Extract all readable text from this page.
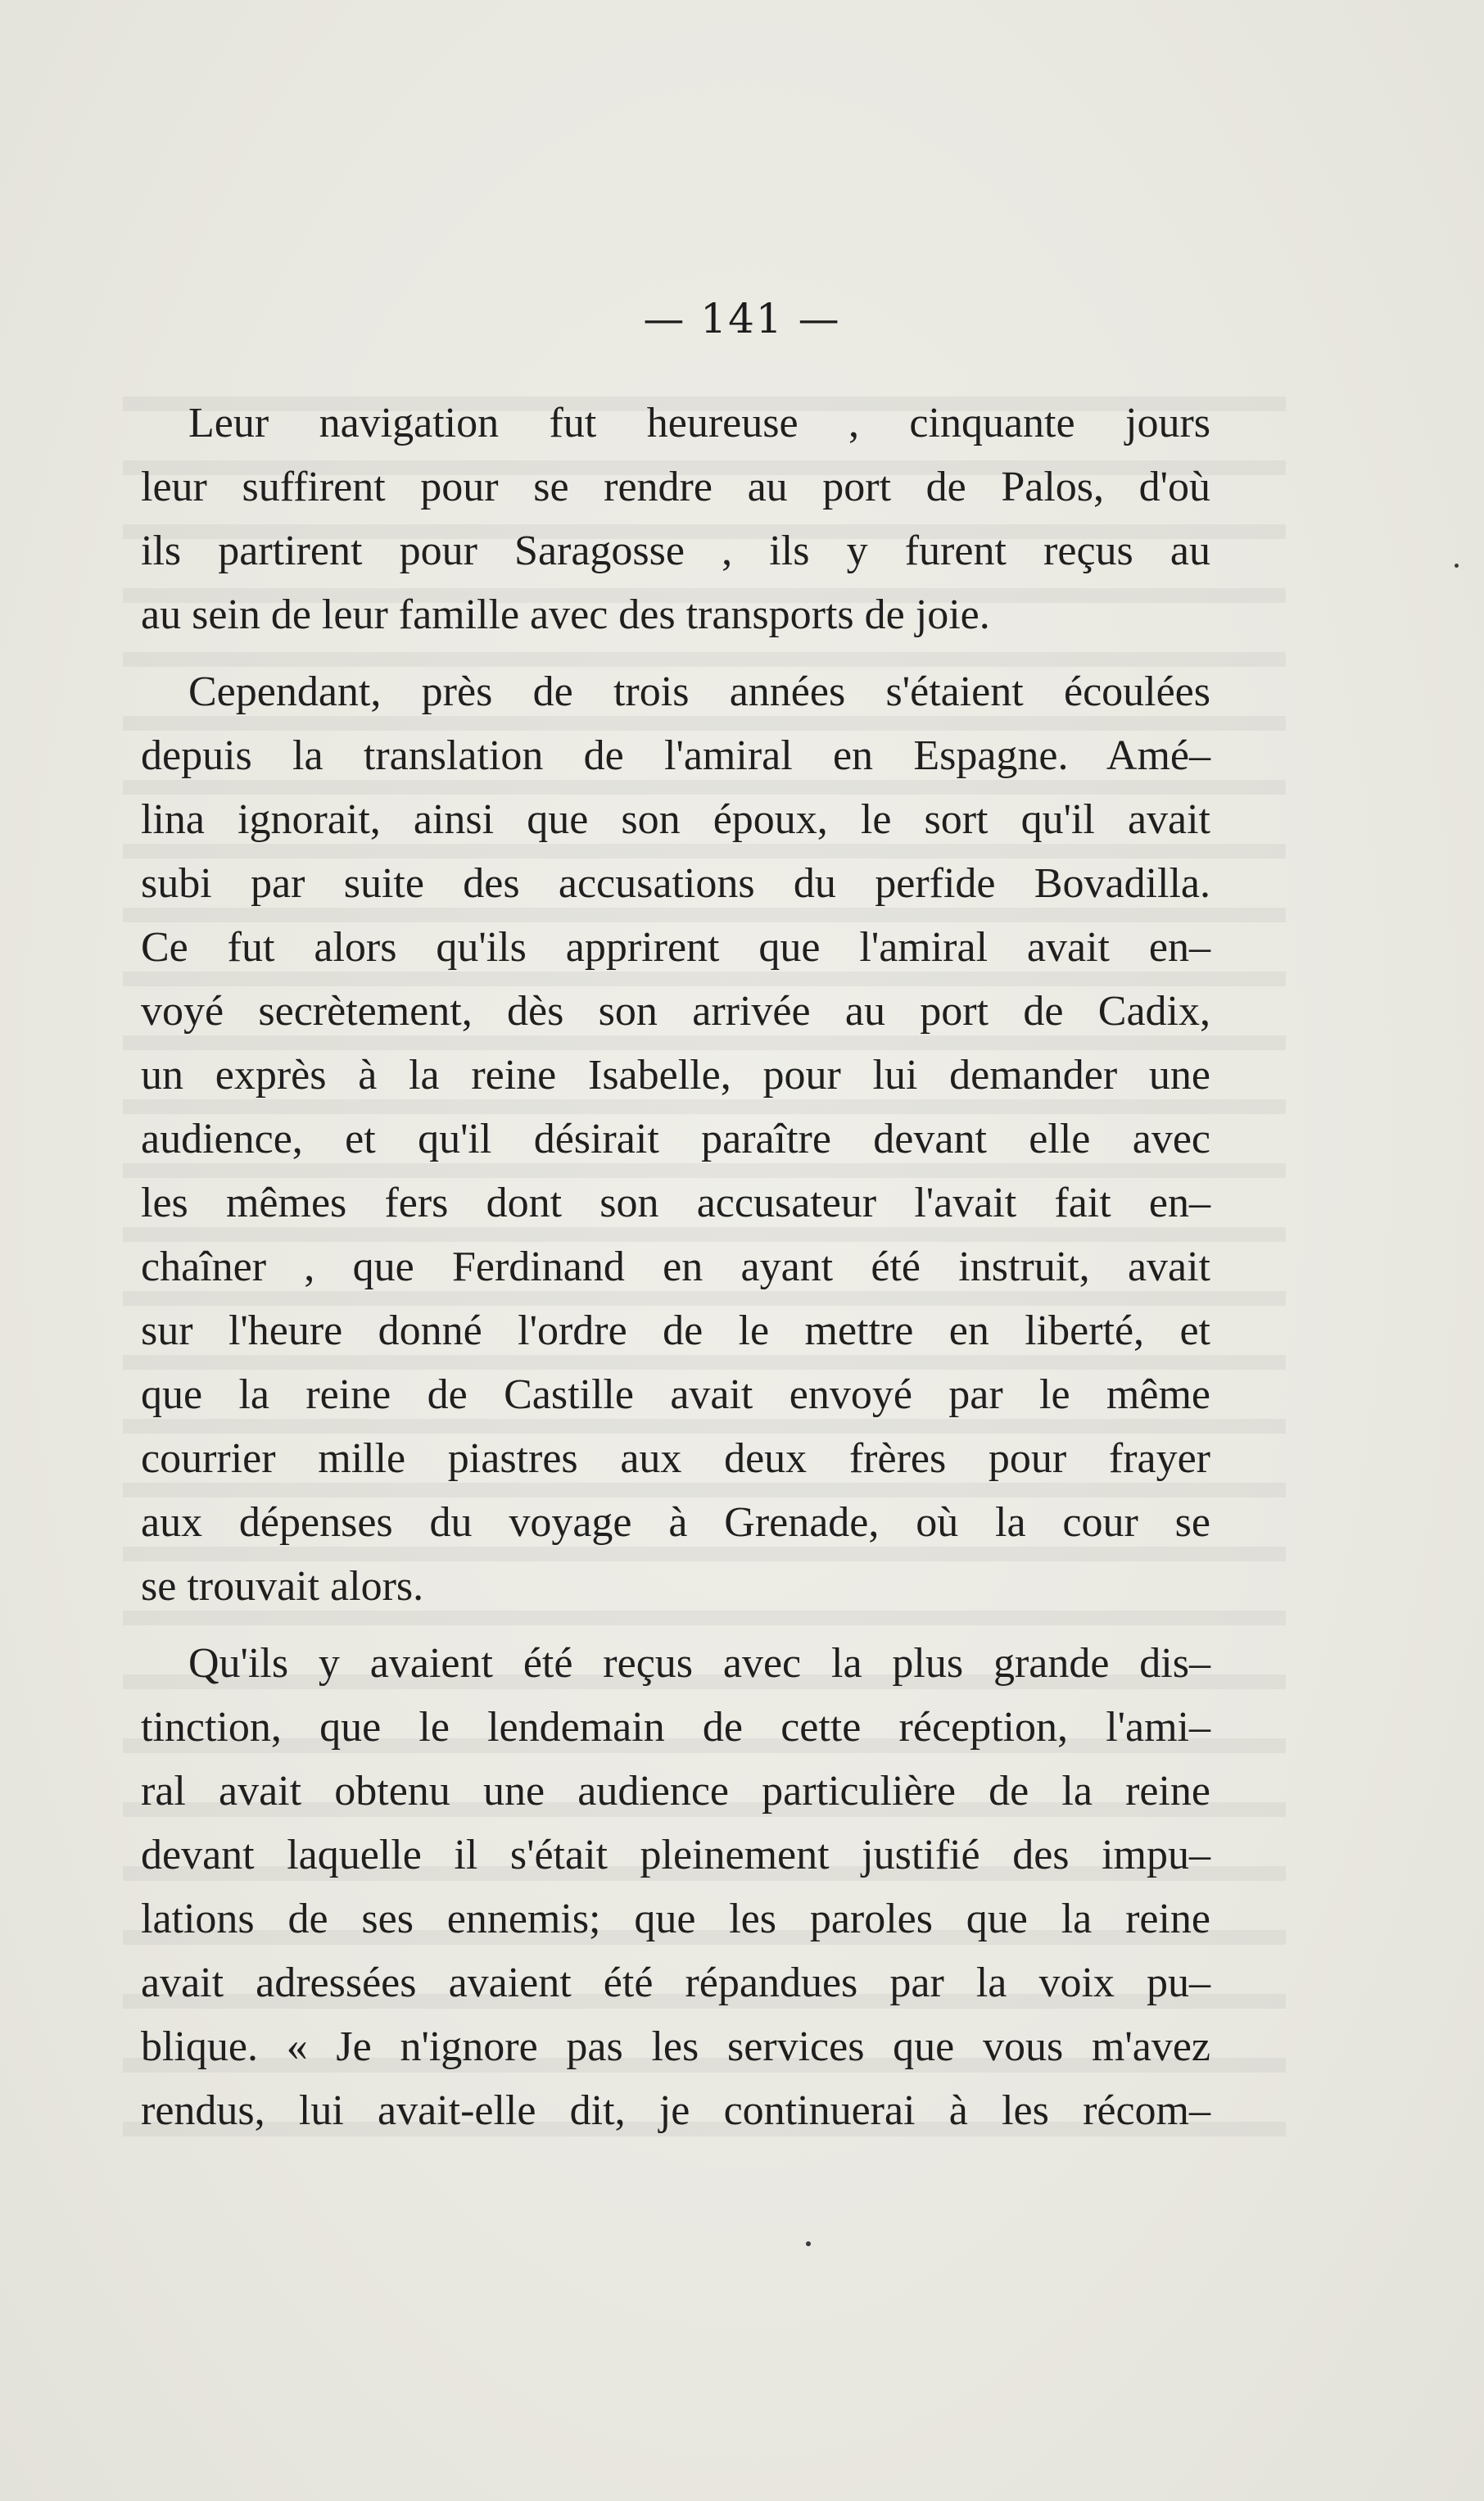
— 141 —
Leur navigation fut heureuse , cinquante jours
leur suffirent pour se rendre au port de Palos, d'où
ils partirent pour Saragosse , ils y furent reçus au
au sein de leur famille avec des transports de joie.
Cependant, près de trois années s'étaient écoulées
depuis la translation de l'amiral en Espagne. Amé–
lina ignorait, ainsi que son époux, le sort qu'il avait
subi par suite des accusations du perfide Bovadilla.
Ce fut alors qu'ils apprirent que l'amiral avait en–
voyé secrètement, dès son arrivée au port de Cadix,
un exprès à la reine Isabelle, pour lui demander une
audience, et qu'il désirait paraître devant elle avec
les mêmes fers dont son accusateur l'avait fait en–
chaîner , que Ferdinand en ayant été instruit, avait
sur l'heure donné l'ordre de le mettre en liberté, et
que la reine de Castille avait envoyé par le même
courrier mille piastres aux deux frères pour frayer
aux dépenses du voyage à Grenade, où la cour se
se trouvait alors.
Qu'ils y avaient été reçus avec la plus grande dis–
tinction, que le lendemain de cette réception, l'ami–
ral avait obtenu une audience particulière de la reine
devant laquelle il s'était pleinement justifié des impu–
lations de ses ennemis; que les paroles que la reine
avait adressées avaient été répandues par la voix pu–
blique. « Je n'ignore pas les services que vous m'avez
rendus, lui avait-elle dit, je continuerai à les récom–
